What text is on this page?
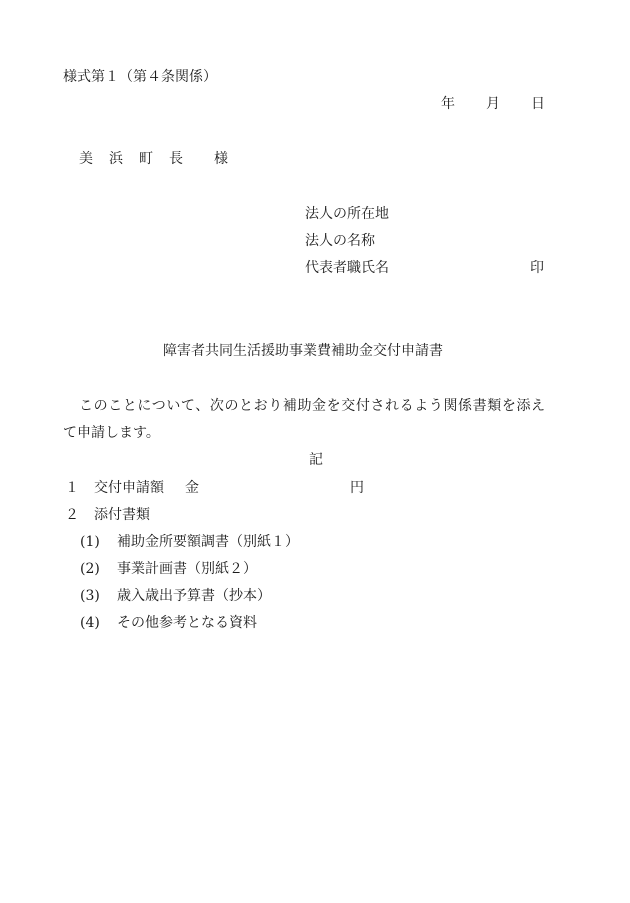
様式第１（第４条関係）
年 月 日
美　浜　町　長 様
法人の所在地
法人の名称
代表者職氏名	印
障害者共同生活援助事業費補助金交付申請書
このことについて、次のとおり補助金を交付されるよう関係書類を添え
て申請します。
記
１ 交付申請額 金	円
２ 添付書類
(1) 補助金所要額調書（別紙１）
(2) 事業計画書（別紙２）
(3) 歳入歳出予算書（抄本）
(4) その他参考となる資料
